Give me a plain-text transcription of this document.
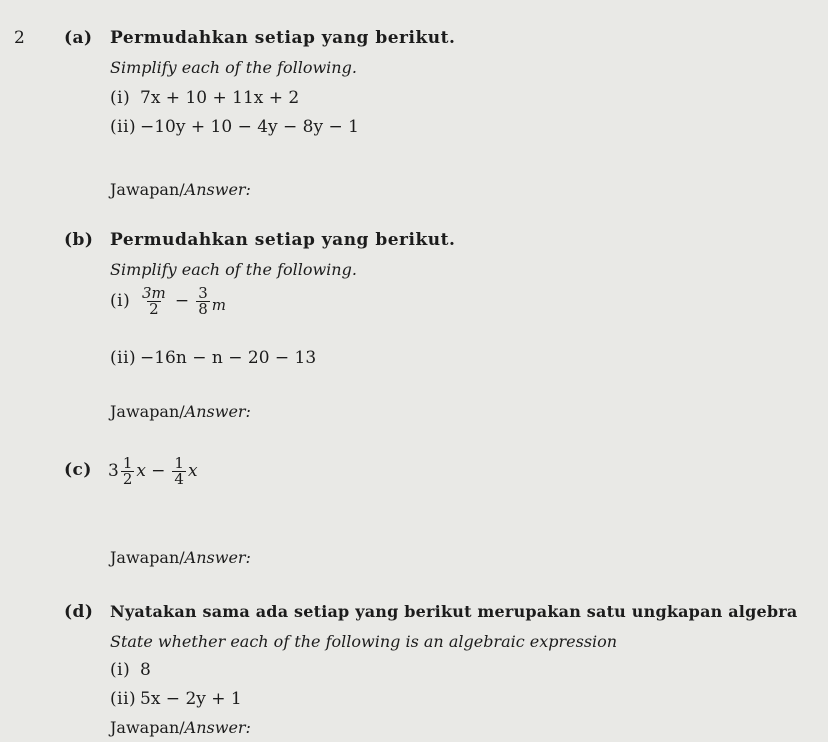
2 (a) Permudahkan setiap yang berikut.
Simplify each of the following.
(i) 7x + 10 + 11x + 2
(ii) −10y + 10 − 4y − 8y − 1
Jawapan/Answer:
(b) Permudahkan setiap yang berikut.
Simplify each of the following.
$(i) \frac{3m}{2} - \frac{3}{8}$ m
(ii) −16n − n − 20 − 13
Jawapan/Answer:
(c) $3 \frac{1}{2}$ $x - \frac{1}{4}$ x
Jawapan/Answer:
(d) Nyatakan sama ada setiap yang berikut merupakan satu ungkapan algebra
State whether each of the following is an algebraic expression
(i) 8
(ii) 5x − 2y + 1
Jawapan/Answer:
